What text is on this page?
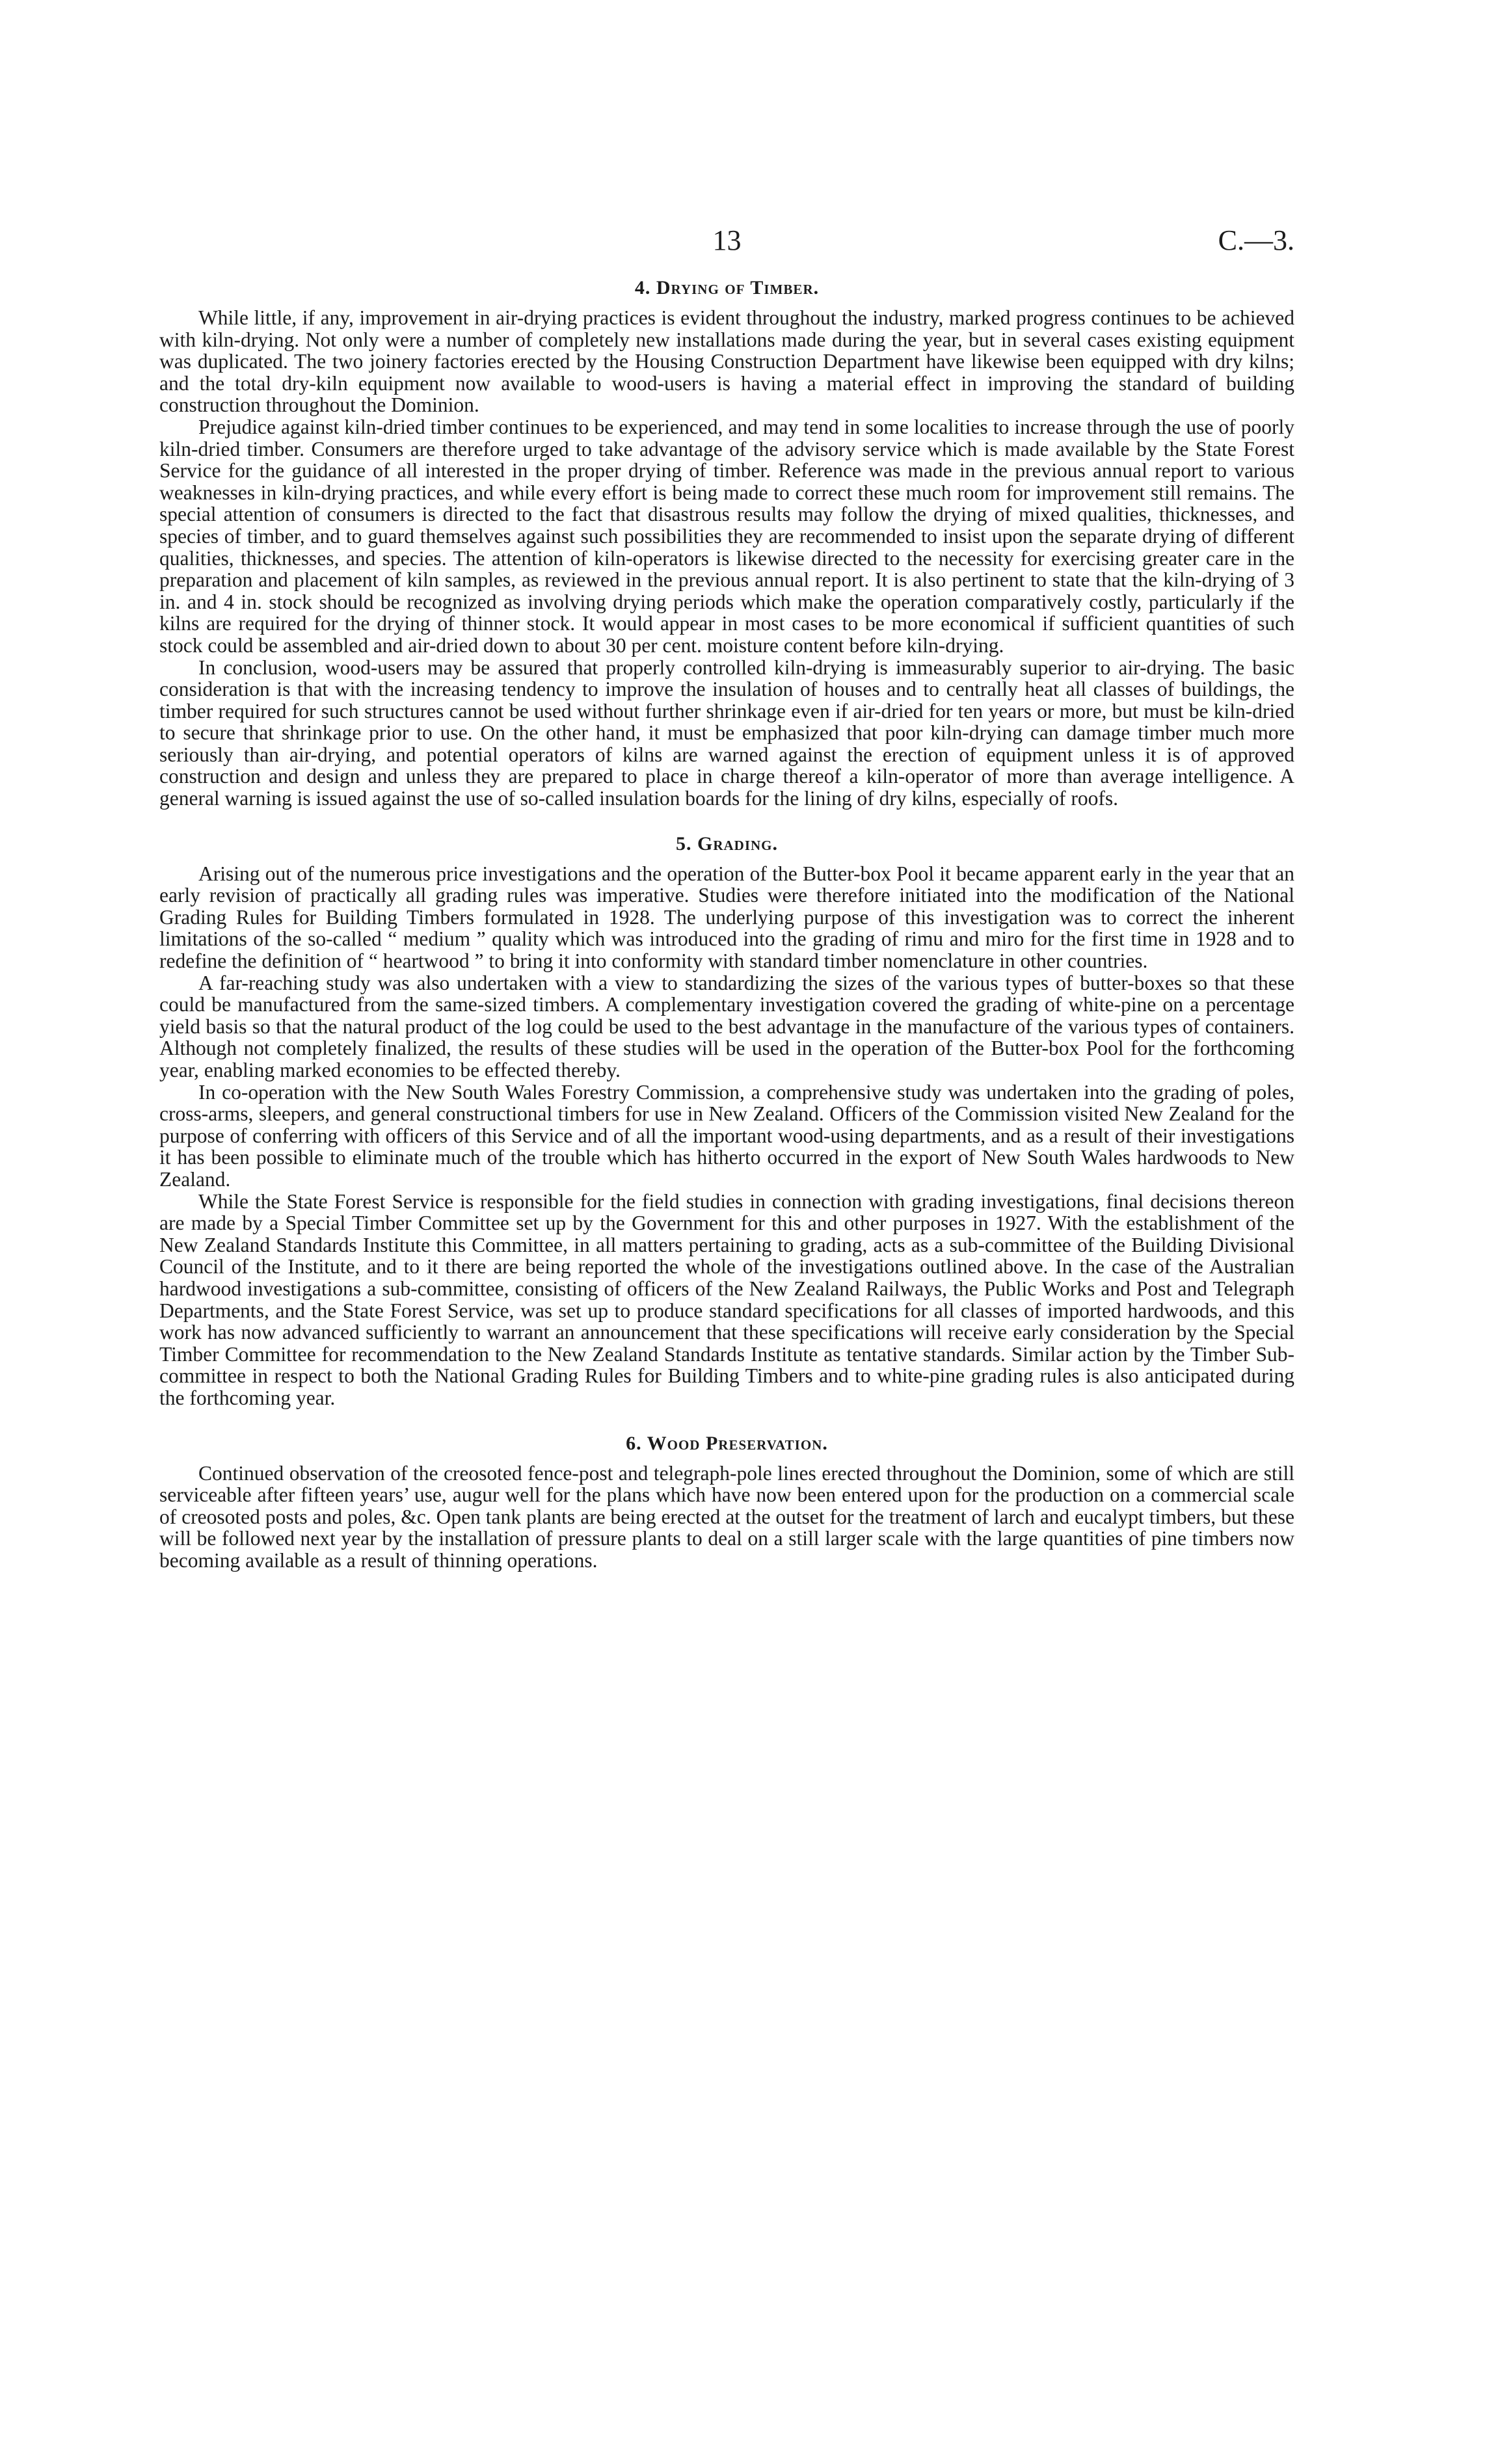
13	C.—3.
4. Drying of Timber.

While little, if any, improvement in air-drying practices is evident throughout the industry, marked progress continues to be achieved with kiln-drying. Not only were a number of completely new installations made during the year, but in several cases existing equipment was duplicated. The two joinery factories erected by the Housing Construction Department have likewise been equipped with dry kilns; and the total dry-kiln equipment now available to wood-users is having a material effect in improving the standard of building construction throughout the Dominion.

Prejudice against kiln-dried timber continues to be experienced, and may tend in some localities to increase through the use of poorly kiln-dried timber. Consumers are therefore urged to take advantage of the advisory service which is made available by the State Forest Service for the guidance of all interested in the proper drying of timber. Reference was made in the previous annual report to various weaknesses in kiln-drying practices, and while every effort is being made to correct these much room for improvement still remains. The special attention of consumers is directed to the fact that disastrous results may follow the drying of mixed qualities, thicknesses, and species of timber, and to guard themselves against such possibilities they are recommended to insist upon the separate drying of different qualities, thicknesses, and species. The attention of kiln-operators is likewise directed to the necessity for exercising greater care in the preparation and placement of kiln samples, as reviewed in the previous annual report. It is also pertinent to state that the kiln-drying of 3 in. and 4 in. stock should be recognized as involving drying periods which make the operation comparatively costly, particularly if the kilns are required for the drying of thinner stock. It would appear in most cases to be more economical if sufficient quantities of such stock could be assembled and air-dried down to about 30 per cent. moisture content before kiln-drying.

In conclusion, wood-users may be assured that properly controlled kiln-drying is immeasurably superior to air-drying. The basic consideration is that with the increasing tendency to improve the insulation of houses and to centrally heat all classes of buildings, the timber required for such structures cannot be used without further shrinkage even if air-dried for ten years or more, but must be kiln-dried to secure that shrinkage prior to use. On the other hand, it must be emphasized that poor kiln-drying can damage timber much more seriously than air-drying, and potential operators of kilns are warned against the erection of equipment unless it is of approved construction and design and unless they are prepared to place in charge thereof a kiln-operator of more than average intelligence. A general warning is issued against the use of so-called insulation boards for the lining of dry kilns, especially of roofs.

5. Grading.

Arising out of the numerous price investigations and the operation of the Butter-box Pool it became apparent early in the year that an early revision of practically all grading rules was imperative. Studies were therefore initiated into the modification of the National Grading Rules for Building Timbers formulated in 1928. The underlying purpose of this investigation was to correct the inherent limitations of the so-called “ medium ” quality which was introduced into the grading of rimu and miro for the first time in 1928 and to redefine the definition of “ heartwood ” to bring it into conformity with standard timber nomenclature in other countries.

A far-reaching study was also undertaken with a view to standardizing the sizes of the various types of butter-boxes so that these could be manufactured from the same-sized timbers. A complementary investigation covered the grading of white-pine on a percentage yield basis so that the natural product of the log could be used to the best advantage in the manufacture of the various types of containers. Although not completely finalized, the results of these studies will be used in the operation of the Butter-box Pool for the forthcoming year, enabling marked economies to be effected thereby.

In co-operation with the New South Wales Forestry Commission, a comprehensive study was undertaken into the grading of poles, cross-arms, sleepers, and general constructional timbers for use in New Zealand. Officers of the Commission visited New Zealand for the purpose of conferring with officers of this Service and of all the important wood-using departments, and as a result of their investigations it has been possible to eliminate much of the trouble which has hitherto occurred in the export of New South Wales hardwoods to New Zealand.

While the State Forest Service is responsible for the field studies in connection with grading investigations, final decisions thereon are made by a Special Timber Committee set up by the Government for this and other purposes in 1927. With the establishment of the New Zealand Standards Institute this Committee, in all matters pertaining to grading, acts as a sub-committee of the Building Divisional Council of the Institute, and to it there are being reported the whole of the investigations outlined above. In the case of the Australian hardwood investigations a sub-committee, consisting of officers of the New Zealand Railways, the Public Works and Post and Telegraph Departments, and the State Forest Service, was set up to produce standard specifications for all classes of imported hardwoods, and this work has now advanced sufficiently to warrant an announcement that these specifications will receive early consideration by the Special Timber Committee for recommendation to the New Zealand Standards Institute as tentative standards. Similar action by the Timber Sub-committee in respect to both the National Grading Rules for Building Timbers and to white-pine grading rules is also anticipated during the forthcoming year.

6. Wood Preservation.

Continued observation of the creosoted fence-post and telegraph-pole lines erected throughout the Dominion, some of which are still serviceable after fifteen years’ use, augur well for the plans which have now been entered upon for the production on a commercial scale of creosoted posts and poles, &c. Open tank plants are being erected at the outset for the treatment of larch and eucalypt timbers, but these will be followed next year by the installation of pressure plants to deal on a still larger scale with the large quantities of pine timbers now becoming available as a result of thinning operations.
